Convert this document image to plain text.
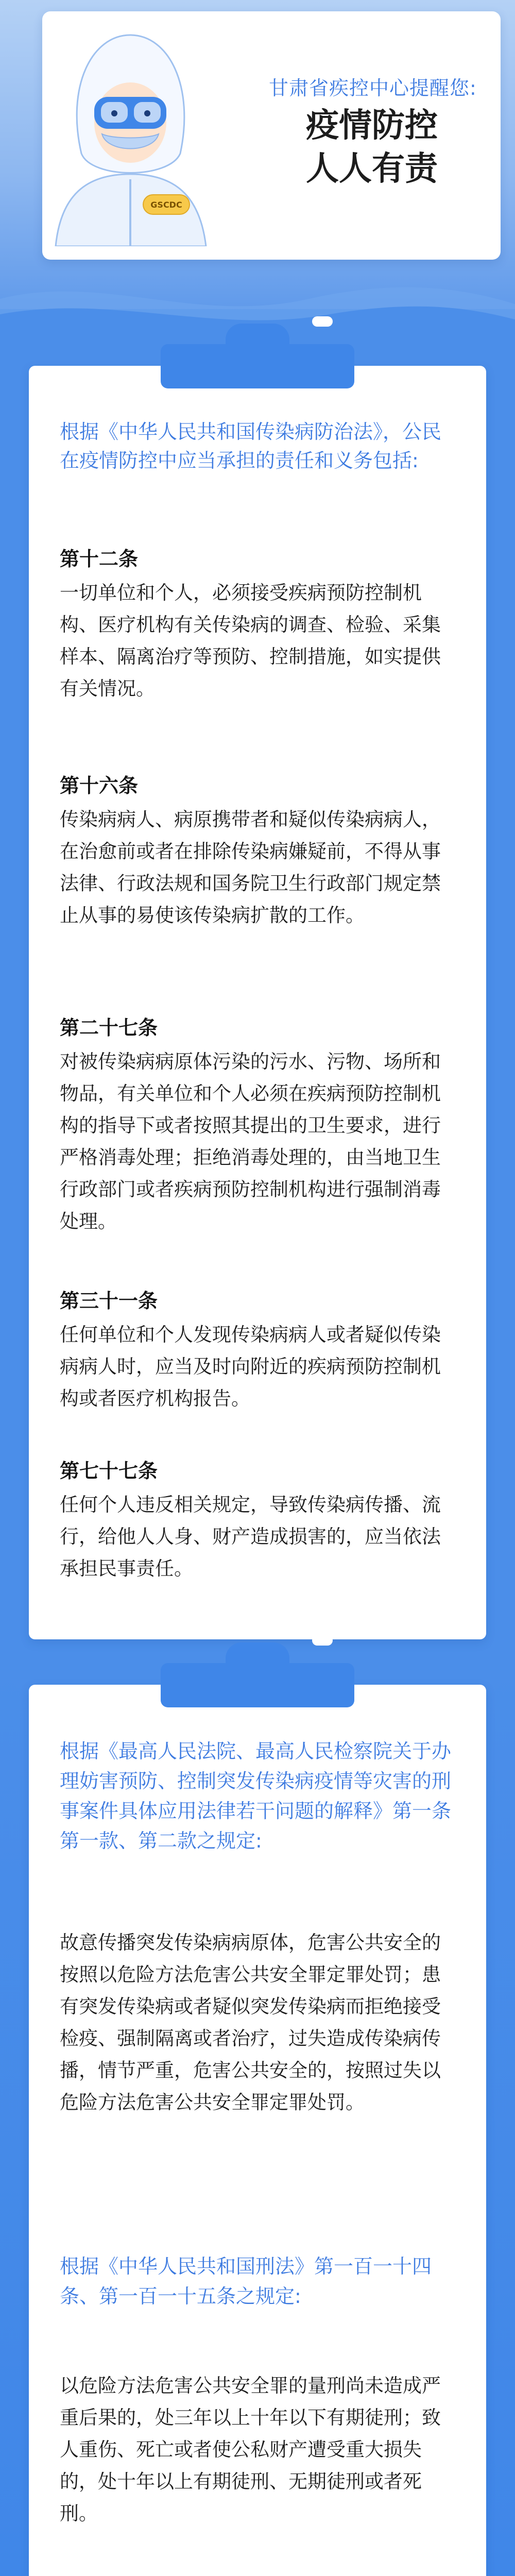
GSCDC
甘肃省疾控中心提醒您:
疫情防控
人人有责
根据《中华人民共和国传染病防治法》，公民在疫情防控中应当承担的责任和义务包括:
第十二条
一切单位和个人，必须接受疾病预防控制机构、医疗机构有关传染病的调查、检验、采集样本、隔离治疗等预防、控制措施，如实提供有关情况。
第十六条
传染病病人、病原携带者和疑似传染病病人，在治愈前或者在排除传染病嫌疑前，不得从事法律、行政法规和国务院卫生行政部门规定禁止从事的易使该传染病扩散的工作。
第二十七条
对被传染病病原体污染的污水、污物、场所和物品，有关单位和个人必须在疾病预防控制机构的指导下或者按照其提出的卫生要求，进行严格消毒处理；拒绝消毒处理的，由当地卫生行政部门或者疾病预防控制机构进行强制消毒处理。
第三十一条
任何单位和个人发现传染病病人或者疑似传染病病人时，应当及时向附近的疾病预防控制机构或者医疗机构报告。
第七十七条
任何个人违反相关规定，导致传染病传播、流行，给他人人身、财产造成损害的，应当依法承担民事责任。
根据《最高人民法院、最高人民检察院关于办理妨害预防、控制突发传染病疫情等灾害的刑事案件具体应用法律若干问题的解释》第一条第一款、第二款之规定:
故意传播突发传染病病原体，危害公共安全的按照以危险方法危害公共安全罪定罪处罚；患有突发传染病或者疑似突发传染病而拒绝接受检疫、强制隔离或者治疗，过失造成传染病传播，情节严重，危害公共安全的，按照过失以危险方法危害公共安全罪定罪处罚。
根据《中华人民共和国刑法》第一百一十四条、第一百一十五条之规定:
以危险方法危害公共安全罪的量刑尚未造成严重后果的，处三年以上十年以下有期徒刑；致人重伤、死亡或者使公私财产遭受重大损失的，处十年以上有期徒刑、无期徒刑或者死刑。
